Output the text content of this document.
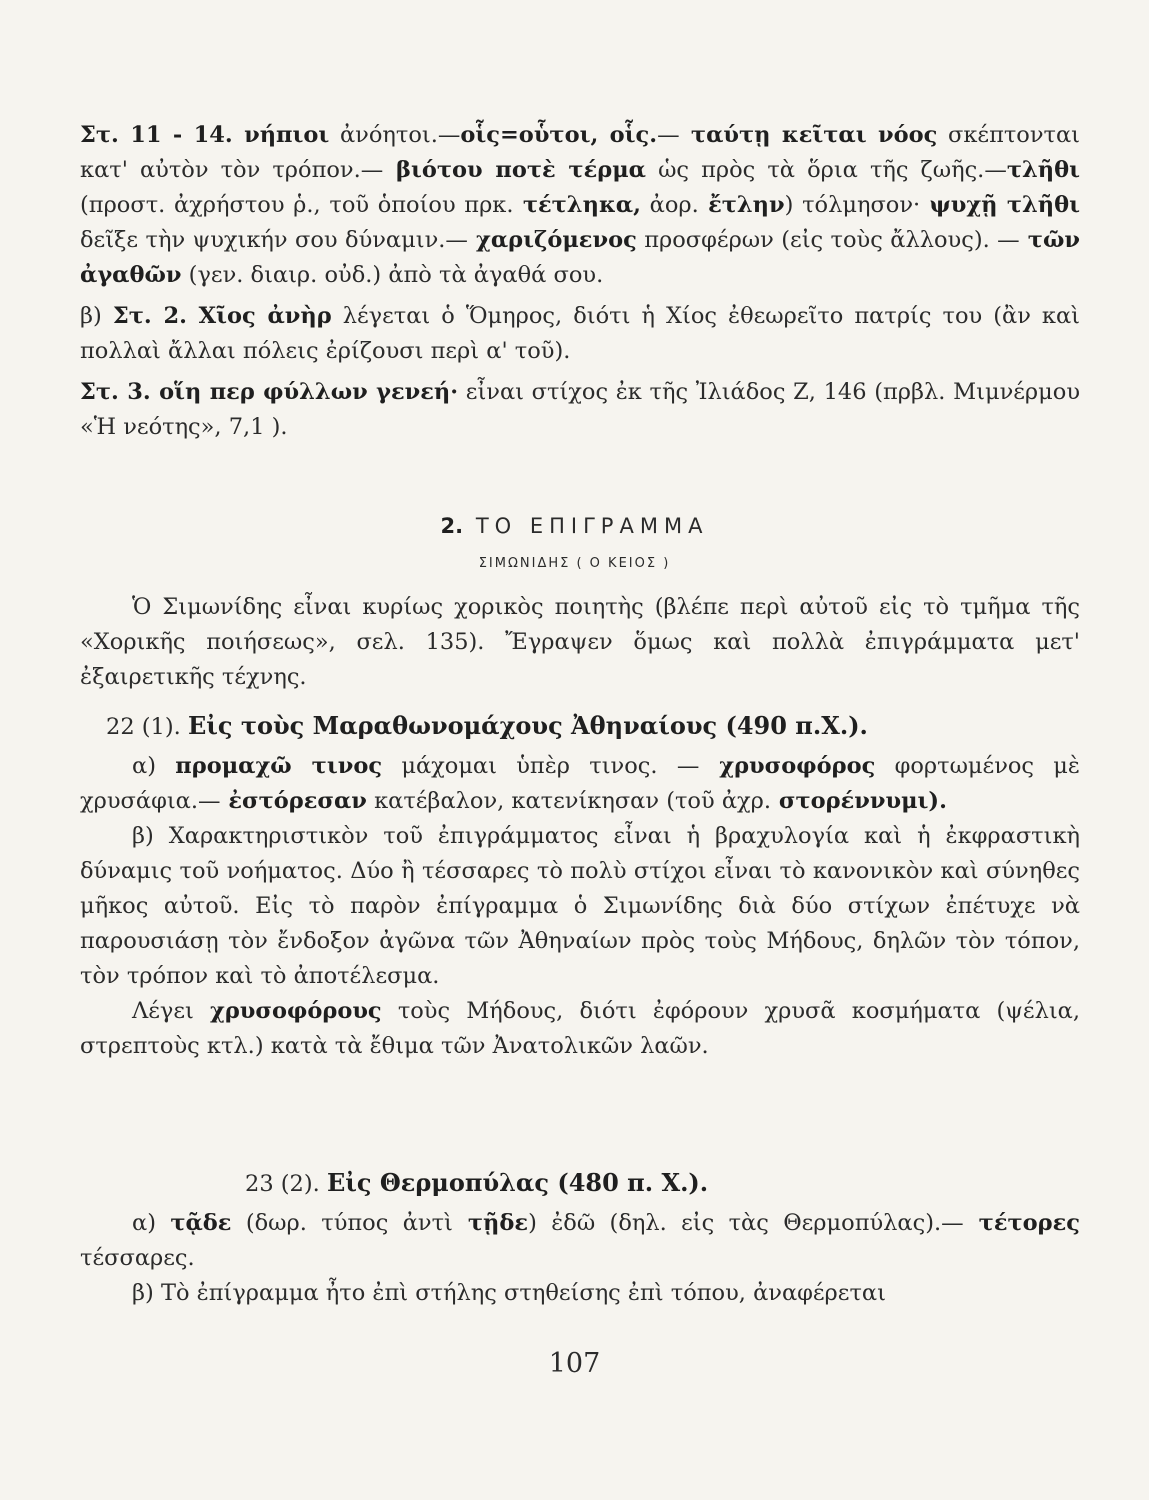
Στ. 11 - 14. νήπιοι ἀνόητοι.—οἷς=οὗτοι, οἷς.— ταύτῃ κεῖται νόος σκέπτονται κατ' αὐτὸν τὸν τρόπον.— βιότου ποτὲ τέρμα ὡς πρὸς τὰ ὅρια τῆς ζωῆς.—τλῆθι (προστ. ἀχρήστου ῥ., τοῦ ὁποίου πρκ. τέτληκα, ἀορ. ἔτλην) τόλμησον· ψυχῇ τλῆθι δεῖξε τὴν ψυχικήν σου δύναμιν.— χαριζόμενος προσφέρων (εἰς τοὺς ἄλλους). — τῶν ἀγαθῶν (γεν. διαιρ. οὐδ.) ἀπὸ τὰ ἀγαθά σου.

β) Στ. 2. Χῖος ἀνὴρ λέγεται ὁ Ὅμηρος, διότι ἡ Χίος ἐθεωρεῖτο πατρίς του (ἂν καὶ πολλαὶ ἄλλαι πόλεις ἐρίζουσι περὶ α' τοῦ).

Στ. 3. οἵη περ φύλλων γενεή· εἶναι στίχος ἐκ τῆς Ἰλιάδος Ζ, 146 (πρβλ. Μιμνέρμου «Ἡ νεότης», 7,1 ).

2. ΤΟ ΕΠΙΓΡΑΜΜΑ
ΣΙΜΩΝΙΔΗΣ ( Ο ΚΕΙΟΣ )

Ὁ Σιμωνίδης εἶναι κυρίως χορικὸς ποιητὴς (βλέπε περὶ αὐτοῦ εἰς τὸ τμῆμα τῆς «Χορικῆς ποιήσεως», σελ. 135). Ἔγραψεν ὅμως καὶ πολλὰ ἐπιγράμματα μετ' ἐξαιρετικῆς τέχνης.

22 (1). Εἰς τοὺς Μαραθωνομάχους Ἀθηναίους (490 π.Χ.).

α) προμαχῶ τινος μάχομαι ὑπὲρ τινος. — χρυσοφόρος φορτωμένος μὲ χρυσάφια.— ἐστόρεσαν κατέβαλον, κατενίκησαν (τοῦ ἀχρ. στορέννυμι).

β) Χαρακτηριστικὸν τοῦ ἐπιγράμματος εἶναι ἡ βραχυλογία καὶ ἡ ἐκφραστικὴ δύναμις τοῦ νοήματος. Δύο ἢ τέσσαρες τὸ πολὺ στίχοι εἶναι τὸ κανονικὸν καὶ σύνηθες μῆκος αὐτοῦ. Εἰς τὸ παρὸν ἐπίγραμμα ὁ Σιμωνίδης διὰ δύο στίχων ἐπέτυχε νὰ παρουσιάσῃ τὸν ἔνδοξον ἀγῶνα τῶν Ἀθηναίων πρὸς τοὺς Μήδους, δηλῶν τὸν τόπον, τὸν τρόπον καὶ τὸ ἀποτέλεσμα.

Λέγει χρυσοφόρους τοὺς Μήδους, διότι ἐφόρουν χρυσᾶ κοσμήματα (ψέλια, στρεπτοὺς κτλ.) κατὰ τὰ ἔθιμα τῶν Ἀνατολικῶν λαῶν.

23 (2). Εἰς Θερμοπύλας (480 π. Χ.).

α) τᾷδε (δωρ. τύπος ἀντὶ τῇδε) ἐδῶ (δηλ. εἰς τὰς Θερμοπύλας).— τέτορες τέσσαρες.

β) Τὸ ἐπίγραμμα ἦτο ἐπὶ στήλης στηθείσης ἐπὶ τόπου, ἀναφέρεται

107
